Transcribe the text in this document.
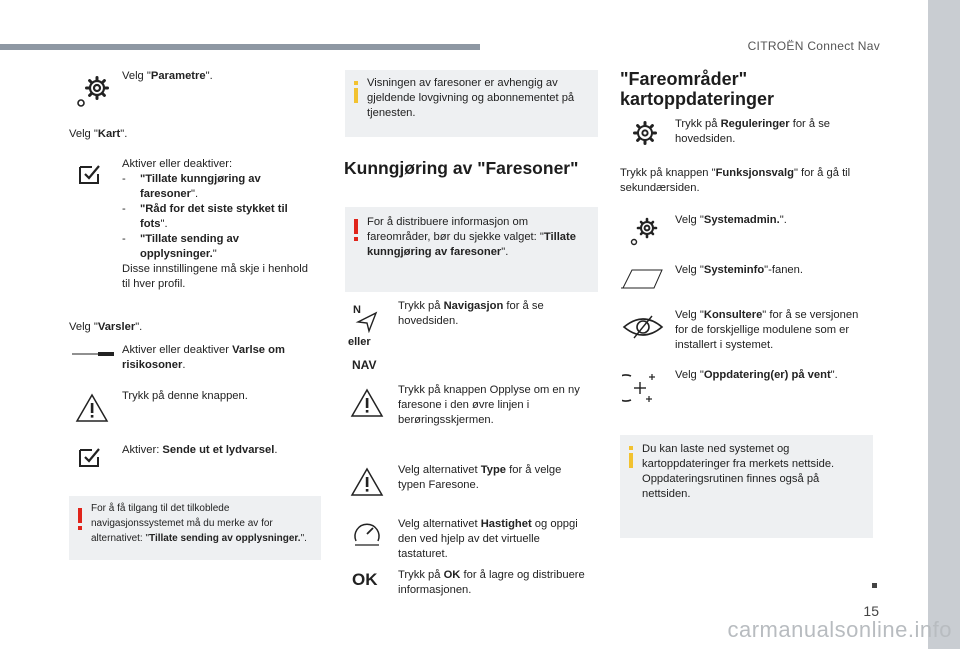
CITROËN Connect Nav
15
carmanualsonline.info
Velg "Parametre".
Velg "Kart".
Aktiver eller deaktiver:
-	"Tillate kunngjøring av faresoner".
-	"Råd for det siste stykket til fots".
-	"Tillate sending av opplysninger."
Disse innstillingene må skje i henhold til hver profil.
Velg "Varsler".
Aktiver eller deaktiver Varlse om risikosoner.
Trykk på denne knappen.
Aktiver: Sende ut et lydvarsel.
For å få tilgang til det tilkoblede navigasjonssystemet må du merke av for alternativet: "Tillate sending av opplysninger.".
Visningen av faresoner er avhengig av gjeldende lovgivning og abonnementet på tjenesten.
Kunngjøring av "Faresoner"
For å distribuere informasjon om fareområder, bør du sjekke valget: "Tillate kunngjøring av faresoner".
N
eller
NAV
Trykk på Navigasjon for å se hovedsiden.
Trykk på knappen Opplyse om en ny faresone i den øvre linjen i berøringsskjermen.
Velg alternativet Type for å velge typen Faresone.
Velg alternativet Hastighet og oppgi den ved hjelp av det virtuelle tastaturet.
OK Trykk på OK for å lagre og distribuere informasjonen.
"Fareområder" kartoppdateringer
Trykk på Reguleringer for å se hovedsiden.
Trykk på knappen "Funksjonsvalg" for å gå til sekundærsiden.
Velg "Systemadmin.".
Velg "Systeminfo"-fanen.
Velg "Konsultere" for å se versjonen for de forskjellige modulene som er installert i systemet.
Velg "Oppdatering(er) på vent".
Du kan laste ned systemet og kartoppdateringer fra merkets nettside. Oppdateringsrutinen finnes også på nettsiden.
